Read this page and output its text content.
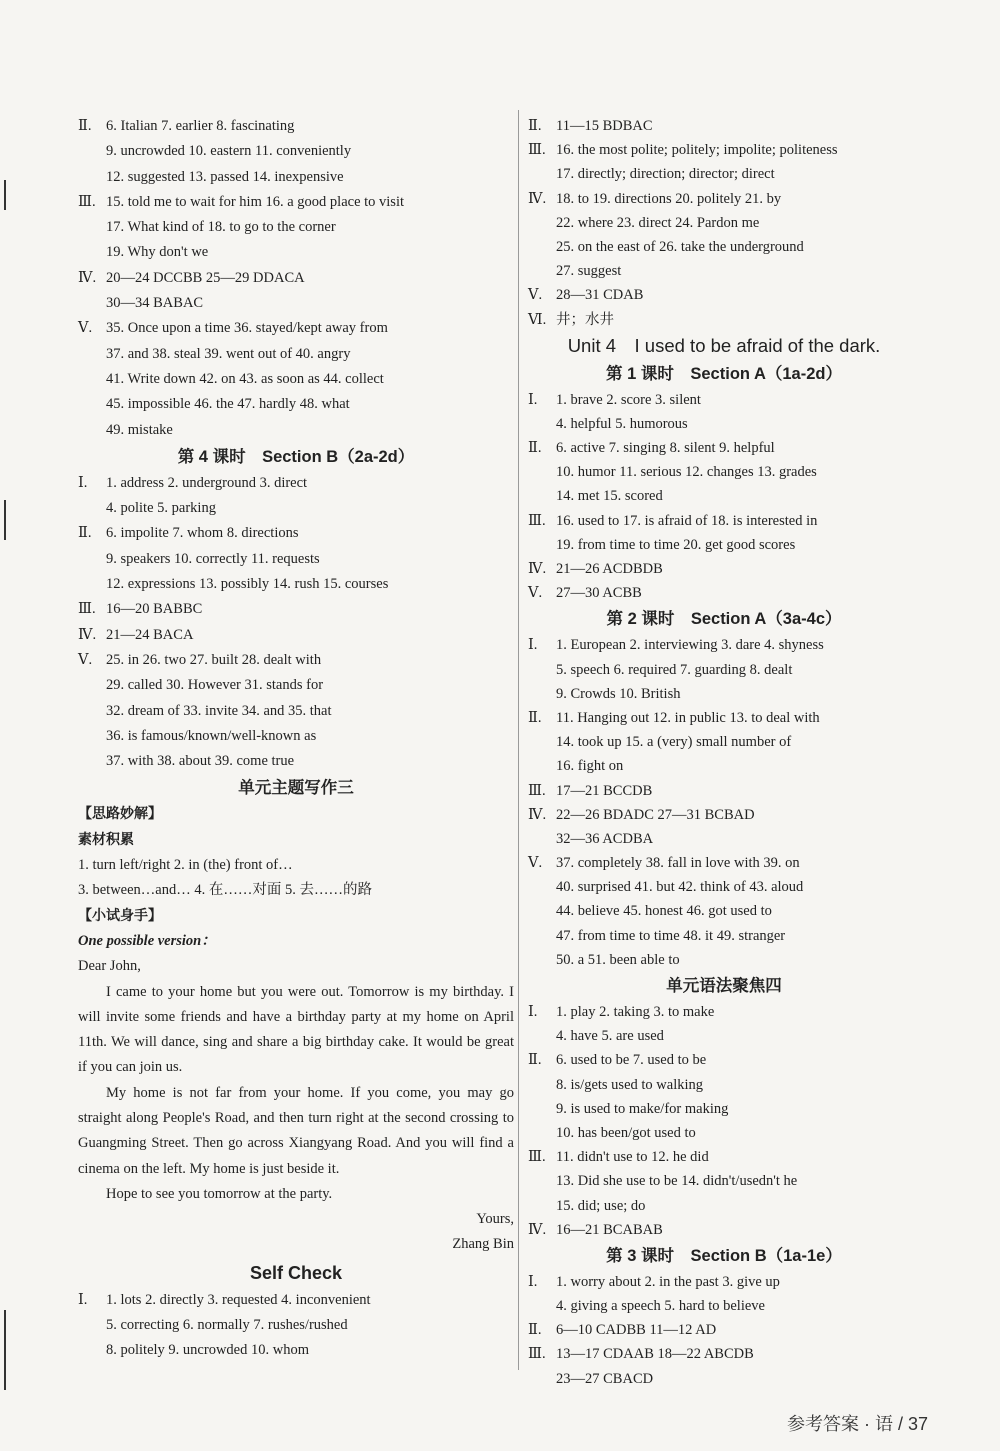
Ⅱ. 6. Italian 7. earlier 8. fascinating
9. uncrowded 10. eastern 11. conveniently
12. suggested 13. passed 14. inexpensive
Ⅲ. 15. told me to wait for him 16. a good place to visit
17. What kind of 18. to go to the corner
19. Why don't we
Ⅳ. 20—24 DCCBB 25—29 DDACA
30—34 BABAC
Ⅴ. 35. Once upon a time 36. stayed/kept away from
37. and 38. steal 39. went out of 40. angry
41. Write down 42. on 43. as soon as 44. collect
45. impossible 46. the 47. hardly 48. what
49. mistake
第 4 课时　Section B（2a-2d）
Ⅰ. 1. address 2. underground 3. direct
4. polite 5. parking
Ⅱ. 6. impolite 7. whom 8. directions
9. speakers 10. correctly 11. requests
12. expressions 13. possibly 14. rush 15. courses
Ⅲ. 16—20 BABBC
Ⅳ. 21—24 BACA
Ⅴ. 25. in 26. two 27. built 28. dealt with
29. called 30. However 31. stands for
32. dream of 33. invite 34. and 35. that
36. is famous/known/well-known as
37. with 38. about 39. come true
单元主题写作三
【思路妙解】
素材积累
1. turn left/right 2. in (the) front of…
3. between…and… 4. 在……对面 5. 去……的路
【小试身手】
One possible version：
Dear John,
I came to your home but you were out. Tomorrow is my birthday. I will invite some friends and have a birthday party at my home on April 11th. We will dance, sing and share a big birthday cake. It would be great if you can join us.
My home is not far from your home. If you come, you may go straight along People's Road, and then turn right at the second crossing to Guangming Street. Then go across Xiangyang Road. And you will find a cinema on the left. My home is just beside it.
Hope to see you tomorrow at the party.
Yours,
Zhang Bin
Self Check
Ⅰ. 1. lots 2. directly 3. requested 4. inconvenient
5. correcting 6. normally 7. rushes/rushed
8. politely 9. uncrowded 10. whom
Ⅱ. 11—15 BDBAC
Ⅲ. 16. the most polite; politely; impolite; politeness
17. directly; direction; director; direct
Ⅳ. 18. to 19. directions 20. politely 21. by
22. where 23. direct 24. Pardon me
25. on the east of 26. take the underground
27. suggest
Ⅴ. 28—31 CDAB
Ⅵ. 井；水井
Unit 4　I used to be afraid of the dark.
第 1 课时　Section A（1a-2d）
Ⅰ. 1. brave 2. score 3. silent
4. helpful 5. humorous
Ⅱ. 6. active 7. singing 8. silent 9. helpful
10. humor 11. serious 12. changes 13. grades
14. met 15. scored
Ⅲ. 16. used to 17. is afraid of 18. is interested in
19. from time to time 20. get good scores
Ⅳ. 21—26 ACDBDB
Ⅴ. 27—30 ACBB
第 2 课时　Section A（3a-4c）
Ⅰ. 1. European 2. interviewing 3. dare 4. shyness
5. speech 6. required 7. guarding 8. dealt
9. Crowds 10. British
Ⅱ. 11. Hanging out 12. in public 13. to deal with
14. took up 15. a (very) small number of
16. fight on
Ⅲ. 17—21 BCCDB
Ⅳ. 22—26 BDADC 27—31 BCBAD
32—36 ACDBA
Ⅴ. 37. completely 38. fall in love with 39. on
40. surprised 41. but 42. think of 43. aloud
44. believe 45. honest 46. got used to
47. from time to time 48. it 49. stranger
50. a 51. been able to
单元语法聚焦四
Ⅰ. 1. play 2. taking 3. to make
4. have 5. are used
Ⅱ. 6. used to be 7. used to be
8. is/gets used to walking
9. is used to make/for making
10. has been/got used to
Ⅲ. 11. didn't use to 12. he did
13. Did she use to be 14. didn't/usedn't he
15. did; use; do
Ⅳ. 16—21 BCABAB
第 3 课时　Section B（1a-1e）
Ⅰ. 1. worry about 2. in the past 3. give up
4. giving a speech 5. hard to believe
Ⅱ. 6—10 CADBB 11—12 AD
Ⅲ. 13—17 CDAAB 18—22 ABCDB
23—27 CBACD
参考答案 · 语 / 37
